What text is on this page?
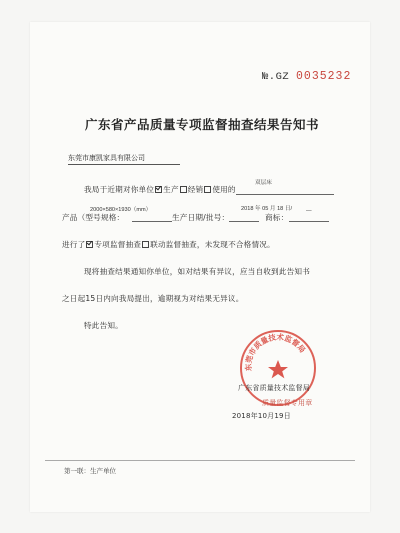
№.GZ 0035232
广东省产品质量专项监督抽查结果告知书
东莞市康凯家具有限公司
我局于近期对你单位 生产 经销 使用的
双层床
2018 年 05 月 18 日/
2000×580×1930（mm）
产品（型号规格：	生产日期/批号：	商标：
—
进行了 专项监督抽查 联动监督抽查，未发现不合格情况。
现将抽查结果通知你单位，如对结果有异议，应当自收到此告知书
之日起15日内向我局提出，逾期视为对结果无异议。
特此告知。
东莞市质量技术监督局
广东省质量技术监督局
质量监督专用章
2018年10月19日
第一联：生产单位
